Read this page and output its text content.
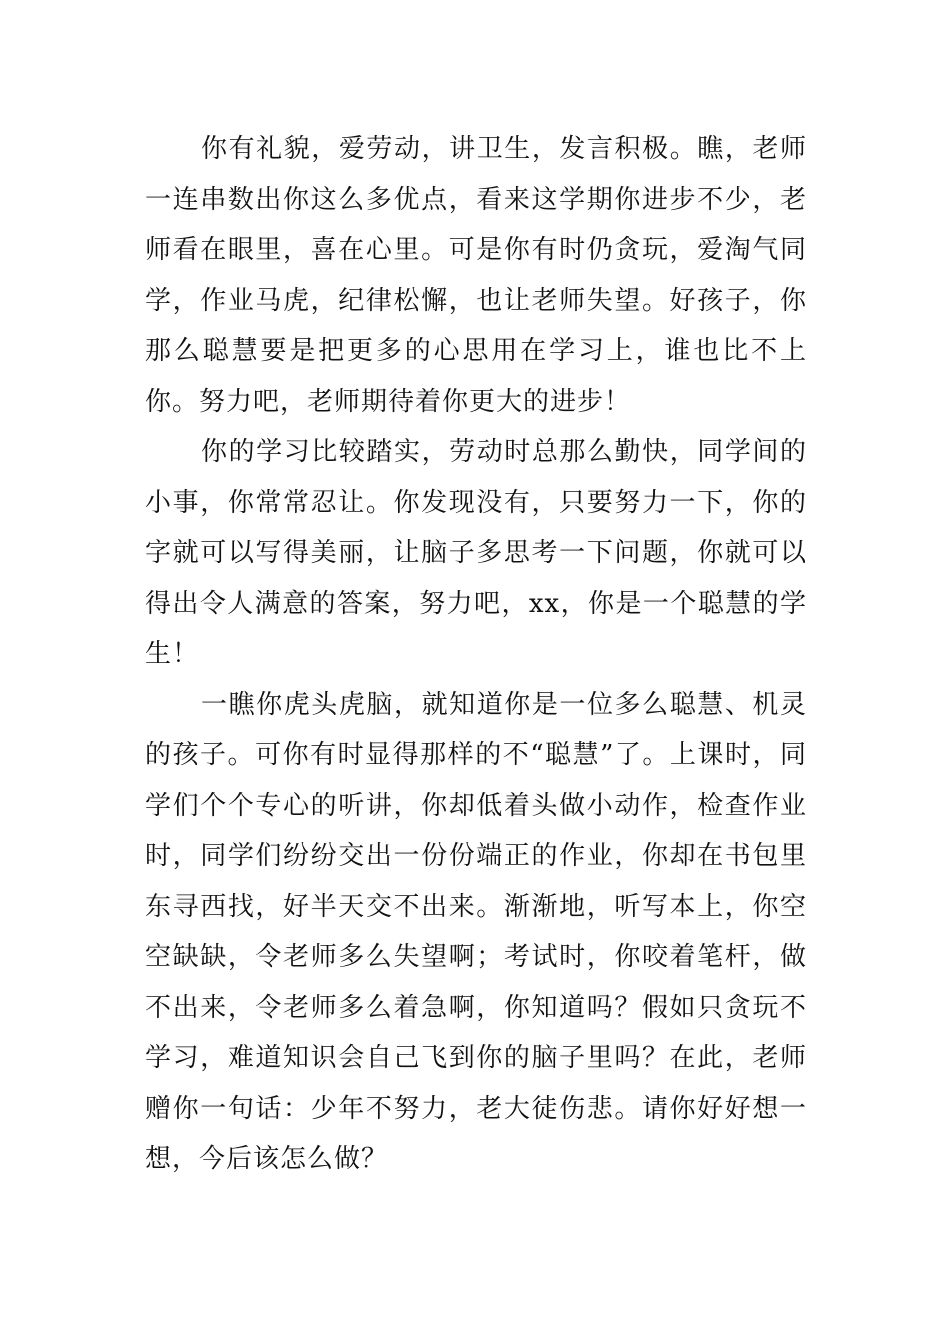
你有礼貌，爱劳动，讲卫生，发言积极。瞧，老师一连串数出你这么多优点，看来这学期你进步不少，老师看在眼里，喜在心里。可是你有时仍贪玩，爱淘气同学，作业马虎，纪律松懈，也让老师失望。好孩子，你那么聪慧要是把更多的心思用在学习上，谁也比不上你。努力吧，老师期待着你更大的进步！

你的学习比较踏实，劳动时总那么勤快，同学间的小事，你常常忍让。你发现没有，只要努力一下，你的字就可以写得美丽，让脑子多思考一下问题，你就可以得出令人满意的答案，努力吧，xx，你是一个聪慧的学生！

一瞧你虎头虎脑，就知道你是一位多么聪慧、机灵的孩子。可你有时显得那样的不“聪慧”了。上课时，同学们个个专心的听讲，你却低着头做小动作，检查作业时，同学们纷纷交出一份份端正的作业，你却在书包里东寻西找，好半天交不出来。渐渐地，听写本上，你空空缺缺，令老师多么失望啊；考试时，你咬着笔杆，做不出来，令老师多么着急啊，你知道吗？假如只贪玩不学习，难道知识会自己飞到你的脑子里吗？在此，老师赠你一句话：少年不努力，老大徒伤悲。请你好好想一想，今后该怎么做？
